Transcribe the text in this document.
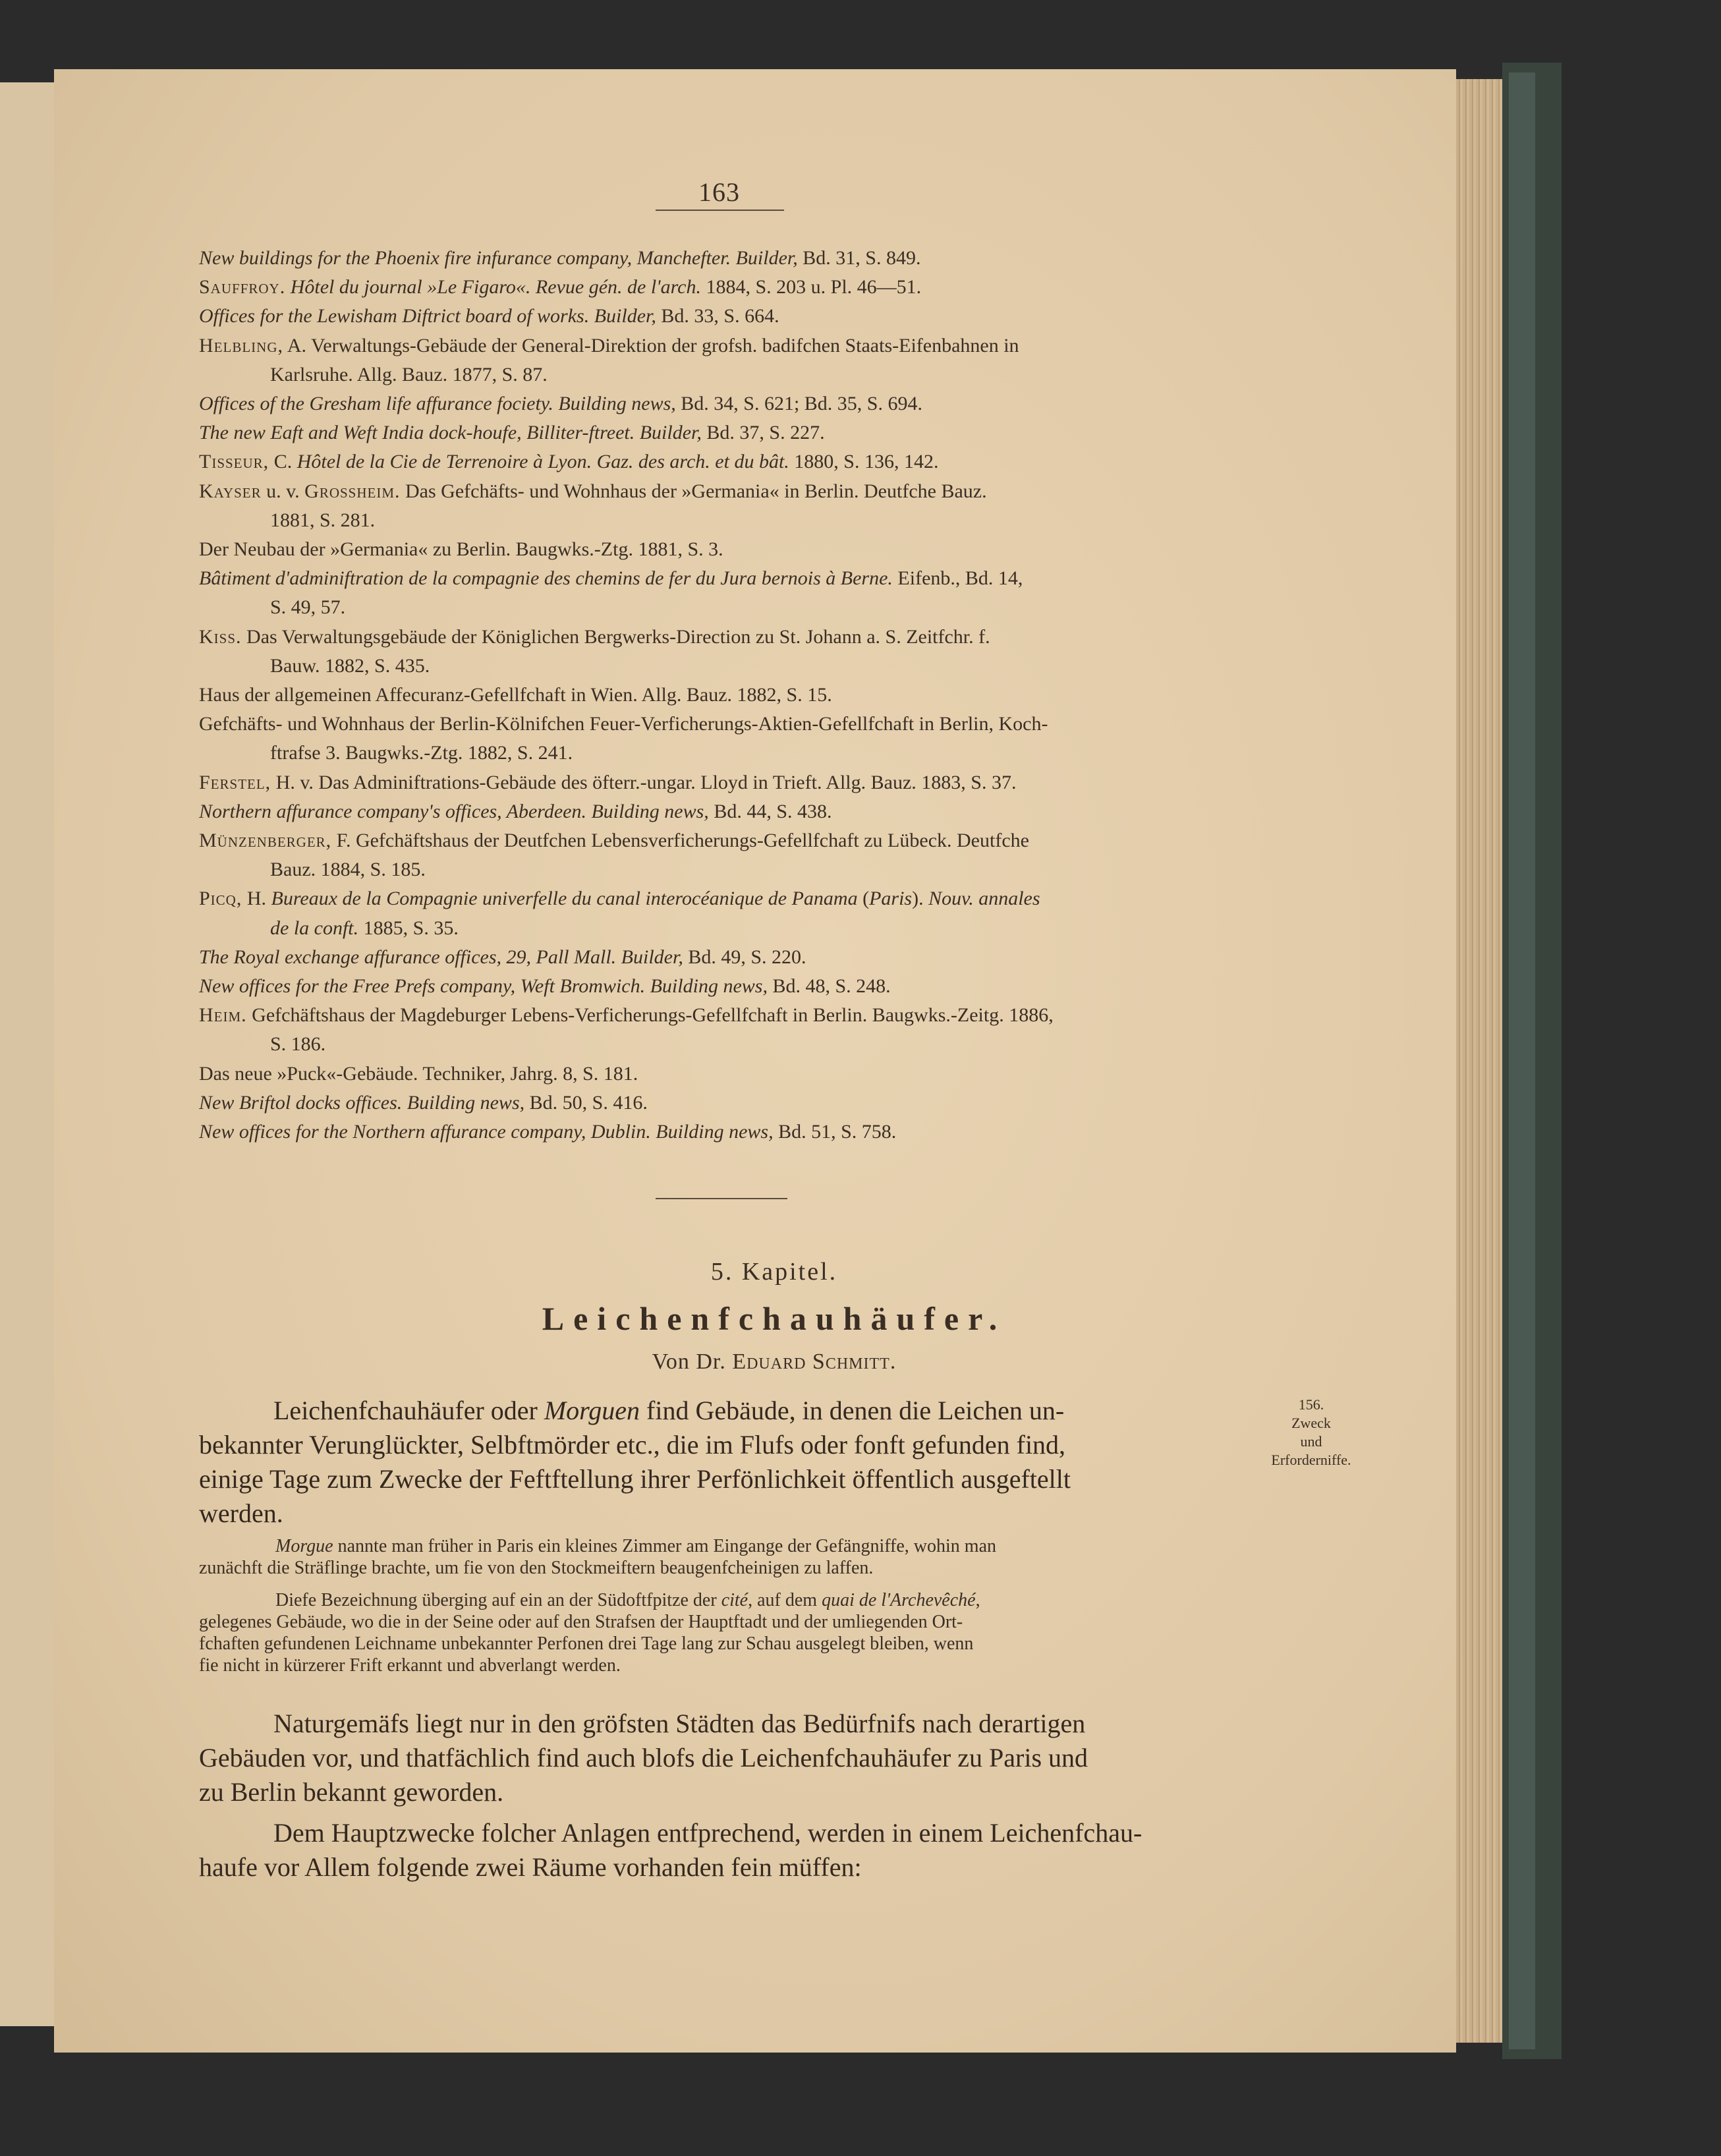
163
New buildings for the Phoenix fire infurance company, Manchefter. Builder, Bd. 31, S. 849.
Sauffroy. Hôtel du journal »Le Figaro«. Revue gén. de l'arch. 1884, S. 203 u. Pl. 46—51.
Offices for the Lewisham Diftrict board of works. Builder, Bd. 33, S. 664.
Helbling, A. Verwaltungs-Gebäude der General-Direktion der grofsh. badifchen Staats-Eifenbahnen in
Karlsruhe. Allg. Bauz. 1877, S. 87.
Offices of the Gresham life affurance fociety. Building news, Bd. 34, S. 621; Bd. 35, S. 694.
The new Eaft and Weft India dock-houfe, Billiter-ftreet. Builder, Bd. 37, S. 227.
Tisseur, C. Hôtel de la Cie de Terrenoire à Lyon. Gaz. des arch. et du bât. 1880, S. 136, 142.
Kayser u. v. Grossheim. Das Gefchäfts- und Wohnhaus der »Germania« in Berlin. Deutfche Bauz.
1881, S. 281.
Der Neubau der »Germania« zu Berlin. Baugwks.-Ztg. 1881, S. 3.
Bâtiment d'adminiftration de la compagnie des chemins de fer du Jura bernois à Berne. Eifenb., Bd. 14,
S. 49, 57.
Kiss. Das Verwaltungsgebäude der Königlichen Bergwerks-Direction zu St. Johann a. S. Zeitfchr. f.
Bauw. 1882, S. 435.
Haus der allgemeinen Affecuranz-Gefellfchaft in Wien. Allg. Bauz. 1882, S. 15.
Gefchäfts- und Wohnhaus der Berlin-Kölnifchen Feuer-Verficherungs-Aktien-Gefellfchaft in Berlin, Koch-
ftrafse 3. Baugwks.-Ztg. 1882, S. 241.
Ferstel, H. v. Das Adminiftrations-Gebäude des öfterr.-ungar. Lloyd in Trieft. Allg. Bauz. 1883, S. 37.
Northern affurance company's offices, Aberdeen. Building news, Bd. 44, S. 438.
Münzenberger, F. Gefchäftshaus der Deutfchen Lebensverficherungs-Gefellfchaft zu Lübeck. Deutfche
Bauz. 1884, S. 185.
Picq, H. Bureaux de la Compagnie univerfelle du canal interocéanique de Panama (Paris). Nouv. annales
de la conft. 1885, S. 35.
The Royal exchange affurance offices, 29, Pall Mall. Builder, Bd. 49, S. 220.
New offices for the Free Prefs company, Weft Bromwich. Building news, Bd. 48, S. 248.
Heim. Gefchäftshaus der Magdeburger Lebens-Verficherungs-Gefellfchaft in Berlin. Baugwks.-Zeitg. 1886,
S. 186.
Das neue »Puck«-Gebäude. Techniker, Jahrg. 8, S. 181.
New Briftol docks offices. Building news, Bd. 50, S. 416.
New offices for the Northern affurance company, Dublin. Building news, Bd. 51, S. 758.
5. Kapitel.
Leichenfchauhäufer.
Von Dr. Eduard Schmitt.
156.
Zweck
und
Erforderniffe.
Leichenfchauhäufer oder Morguen find Gebäude, in denen die Leichen un-
bekannter Verunglückter, Selbftmörder etc., die im Flufs oder fonft gefunden find,
einige Tage zum Zwecke der Feftftellung ihrer Perfönlichkeit öffentlich ausgeftellt
werden.
Morgue nannte man früher in Paris ein kleines Zimmer am Eingange der Gefängniffe, wohin man
zunächft die Sträflinge brachte, um fie von den Stockmeiftern beaugenfcheinigen zu laffen.
Diefe Bezeichnung überging auf ein an der Südoftfpitze der cité, auf dem quai de l'Archevêché,
gelegenes Gebäude, wo die in der Seine oder auf den Strafsen der Hauptftadt und der umliegenden Ort-
fchaften gefundenen Leichname unbekannter Perfonen drei Tage lang zur Schau ausgelegt bleiben, wenn
fie nicht in kürzerer Frift erkannt und abverlangt werden.
Naturgemäfs liegt nur in den gröfsten Städten das Bedürfnifs nach derartigen
Gebäuden vor, und thatfächlich find auch blofs die Leichenfchauhäufer zu Paris und
zu Berlin bekannt geworden.
Dem Hauptzwecke folcher Anlagen entfprechend, werden in einem Leichenfchau-
haufe vor Allem folgende zwei Räume vorhanden fein müffen:
